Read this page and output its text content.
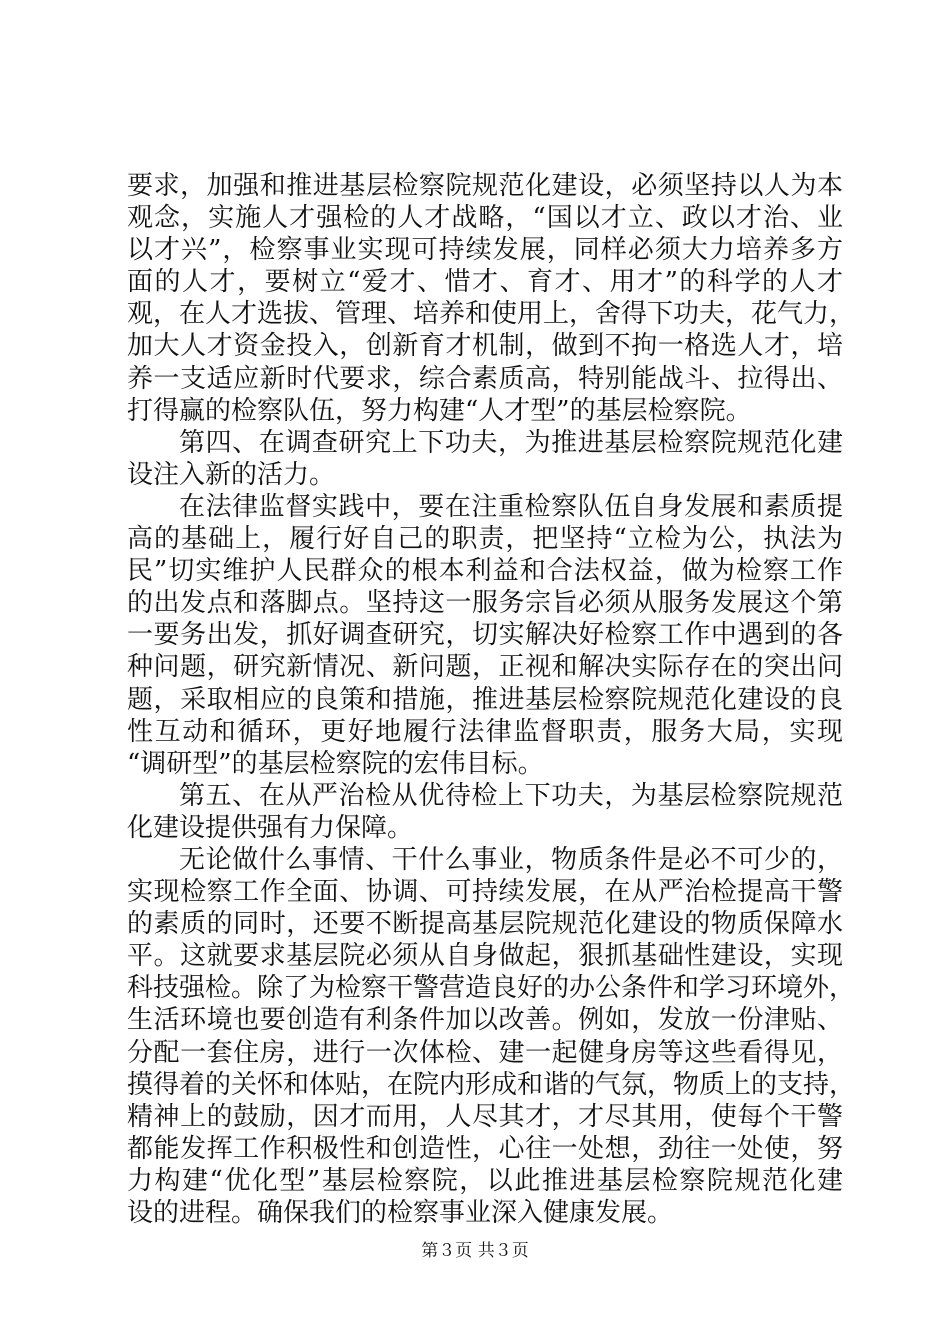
要求，加强和推进基层检察院规范化建设，必须坚持以人为本
观念，实施人才强检的人才战略，“国以才立、政以才治、业
以才兴”，检察事业实现可持续发展，同样必须大力培养多方
面的人才，要树立“爱才、惜才、育才、用才”的科学的人才
观，在人才选拔、管理、培养和使用上，舍得下功夫，花气力，
加大人才资金投入，创新育才机制，做到不拘一格选人才，培
养一支适应新时代要求，综合素质高，特别能战斗、拉得出、
打得赢的检察队伍，努力构建“人才型”的基层检察院。
第四、在调查研究上下功夫，为推进基层检察院规范化建
设注入新的活力。
在法律监督实践中，要在注重检察队伍自身发展和素质提
高的基础上，履行好自己的职责，把坚持“立检为公，执法为
民”切实维护人民群众的根本利益和合法权益，做为检察工作
的出发点和落脚点。坚持这一服务宗旨必须从服务发展这个第
一要务出发，抓好调查研究，切实解决好检察工作中遇到的各
种问题，研究新情况、新问题，正视和解决实际存在的突出问
题，采取相应的良策和措施，推进基层检察院规范化建设的良
性互动和循环，更好地履行法律监督职责，服务大局，实现
“调研型”的基层检察院的宏伟目标。
第五、在从严治检从优待检上下功夫，为基层检察院规范
化建设提供强有力保障。
无论做什么事情、干什么事业，物质条件是必不可少的，
实现检察工作全面、协调、可持续发展，在从严治检提高干警
的素质的同时，还要不断提高基层院规范化建设的物质保障水
平。这就要求基层院必须从自身做起，狠抓基础性建设，实现
科技强检。除了为检察干警营造良好的办公条件和学习环境外，
生活环境也要创造有利条件加以改善。例如，发放一份津贴、
分配一套住房，进行一次体检、建一起健身房等这些看得见，
摸得着的关怀和体贴，在院内形成和谐的气氛，物质上的支持，
精神上的鼓励，因才而用，人尽其才，才尽其用，使每个干警
都能发挥工作积极性和创造性，心往一处想，劲往一处使，努
力构建“优化型”基层检察院，以此推进基层检察院规范化建
设的进程。确保我们的检察事业深入健康发展。
第３页 共３页
